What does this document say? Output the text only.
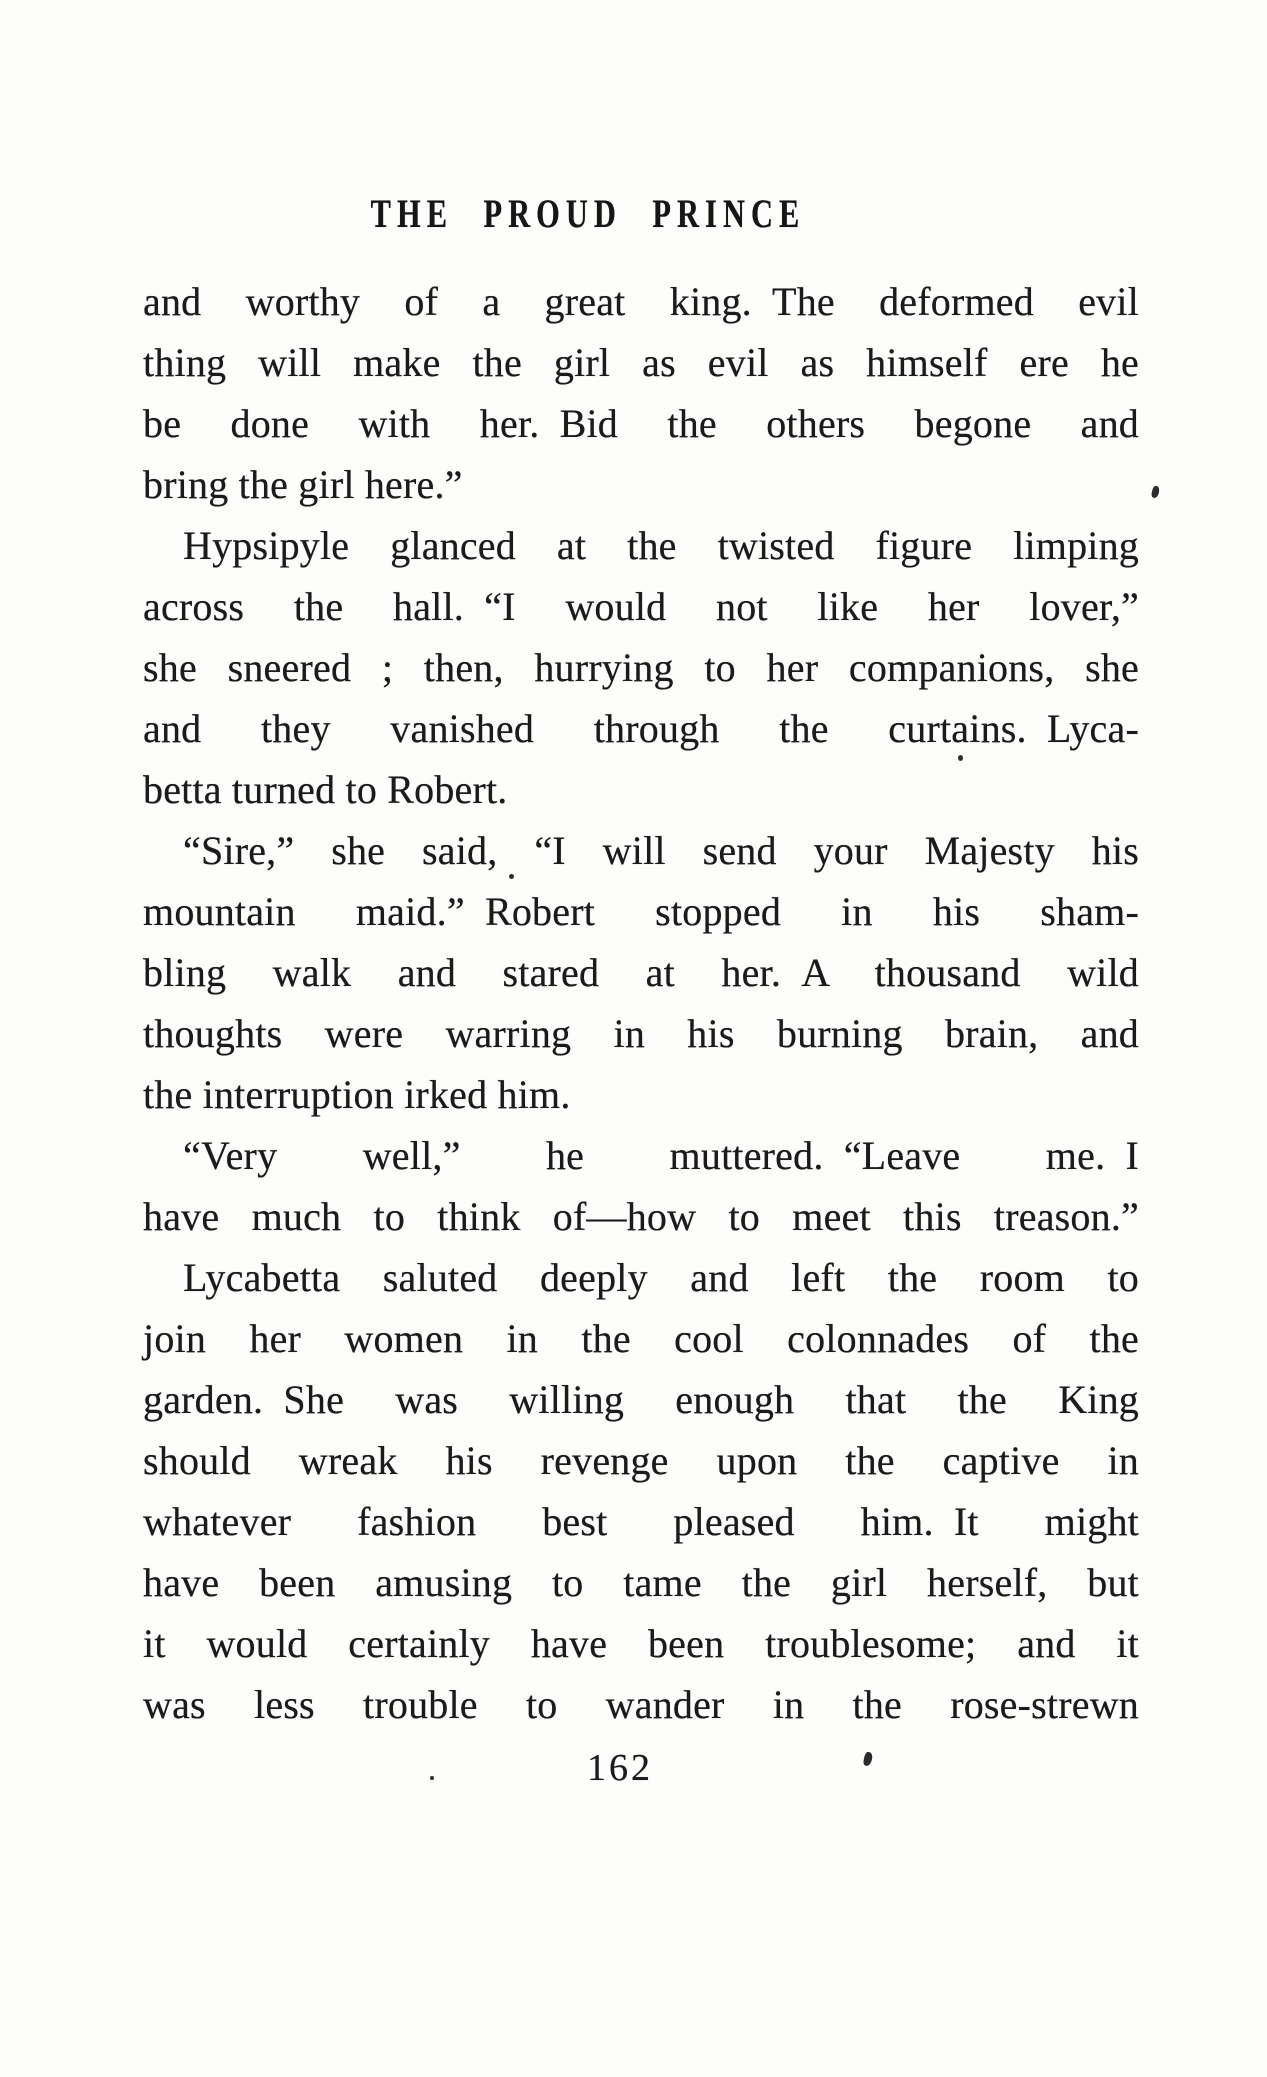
THE PROUD PRINCE
and worthy of a great king. The deformed evil
thing will make the girl as evil as himself ere he
be done with her. Bid the others begone and
bring the girl here.”
Hypsipyle glanced at the twisted figure limping
across the hall. “I would not like her lover,”
she sneered ; then, hurrying to her companions, she
and they vanished through the curtains. Lyca-
betta turned to Robert.
“Sire,” she said, “I will send your Majesty his
mountain maid.” Robert stopped in his sham-
bling walk and stared at her. A thousand wild
thoughts were warring in his burning brain, and
the interruption irked him.
“Very well,” he muttered. “Leave me. I
have much to think of—how to meet this treason.”
Lycabetta saluted deeply and left the room to
join her women in the cool colonnades of the
garden. She was willing enough that the King
should wreak his revenge upon the captive in
whatever fashion best pleased him. It might
have been amusing to tame the girl herself, but
it would certainly have been troublesome; and it
was less trouble to wander in the rose-strewn
162
